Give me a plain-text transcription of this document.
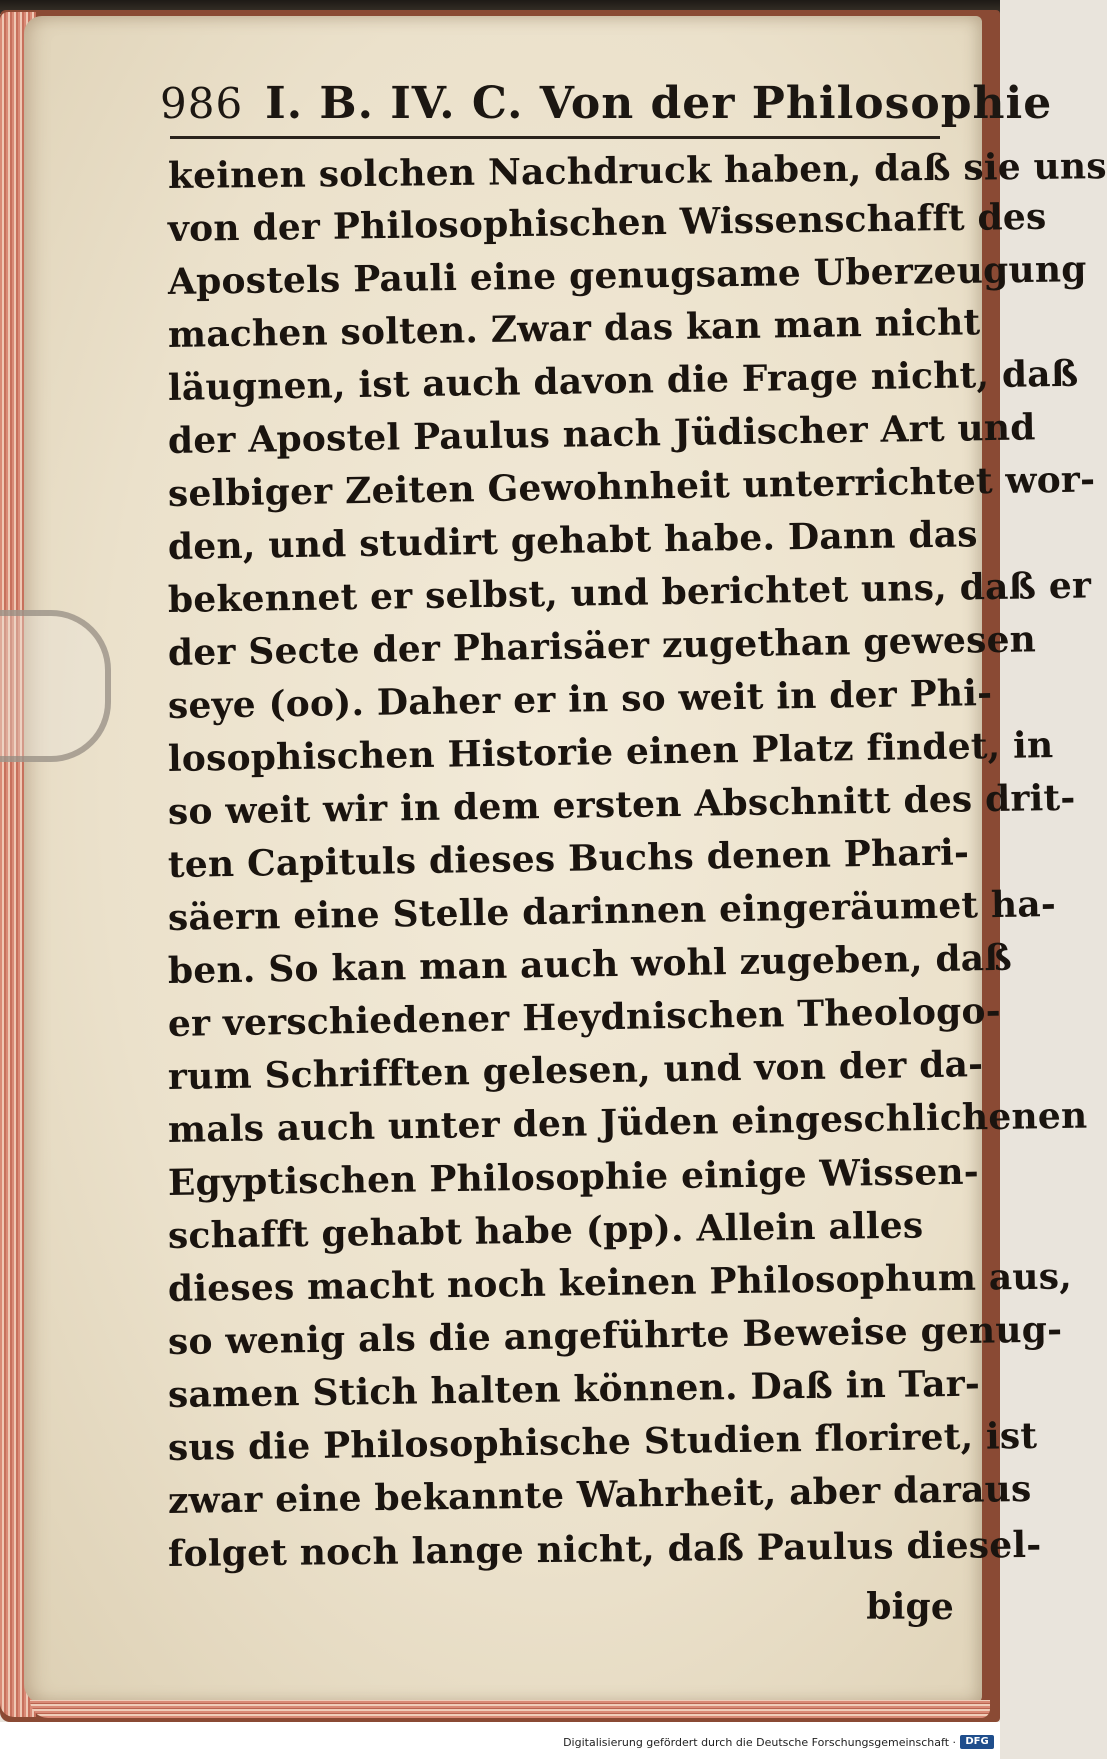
986 I. B. IV. C. Von der Philosophie
keinen solchen Nachdruck haben, daß sie uns
von der Philosophischen Wissenschafft des
Apostels Pauli eine genugsame Uberzeugung
machen solten. Zwar das kan man nicht
läugnen, ist auch davon die Frage nicht, daß
der Apostel Paulus nach Jüdischer Art und
selbiger Zeiten Gewohnheit unterrichtet wor-
den, und studirt gehabt habe. Dann das
bekennet er selbst, und berichtet uns, daß er
der Secte der Pharisäer zugethan gewesen
seye (oo). Daher er in so weit in der Phi-
losophischen Historie einen Platz findet, in
so weit wir in dem ersten Abschnitt des drit-
ten Capituls dieses Buchs denen Phari-
säern eine Stelle darinnen eingeräumet ha-
ben. So kan man auch wohl zugeben, daß
er verschiedener Heydnischen Theologo-
rum Schrifften gelesen, und von der da-
mals auch unter den Jüden eingeschlichenen
Egyptischen Philosophie einige Wissen-
schafft gehabt habe (pp). Allein alles
dieses macht noch keinen Philosophum aus,
so wenig als die angeführte Beweise genug-
samen Stich halten können. Daß in Tar-
sus die Philosophische Studien floriret, ist
zwar eine bekannte Wahrheit, aber daraus
folget noch lange nicht, daß Paulus diesel-
bige
Digitalisierung gefördert durch die Deutsche Forschungsgemeinschaft · DFG
